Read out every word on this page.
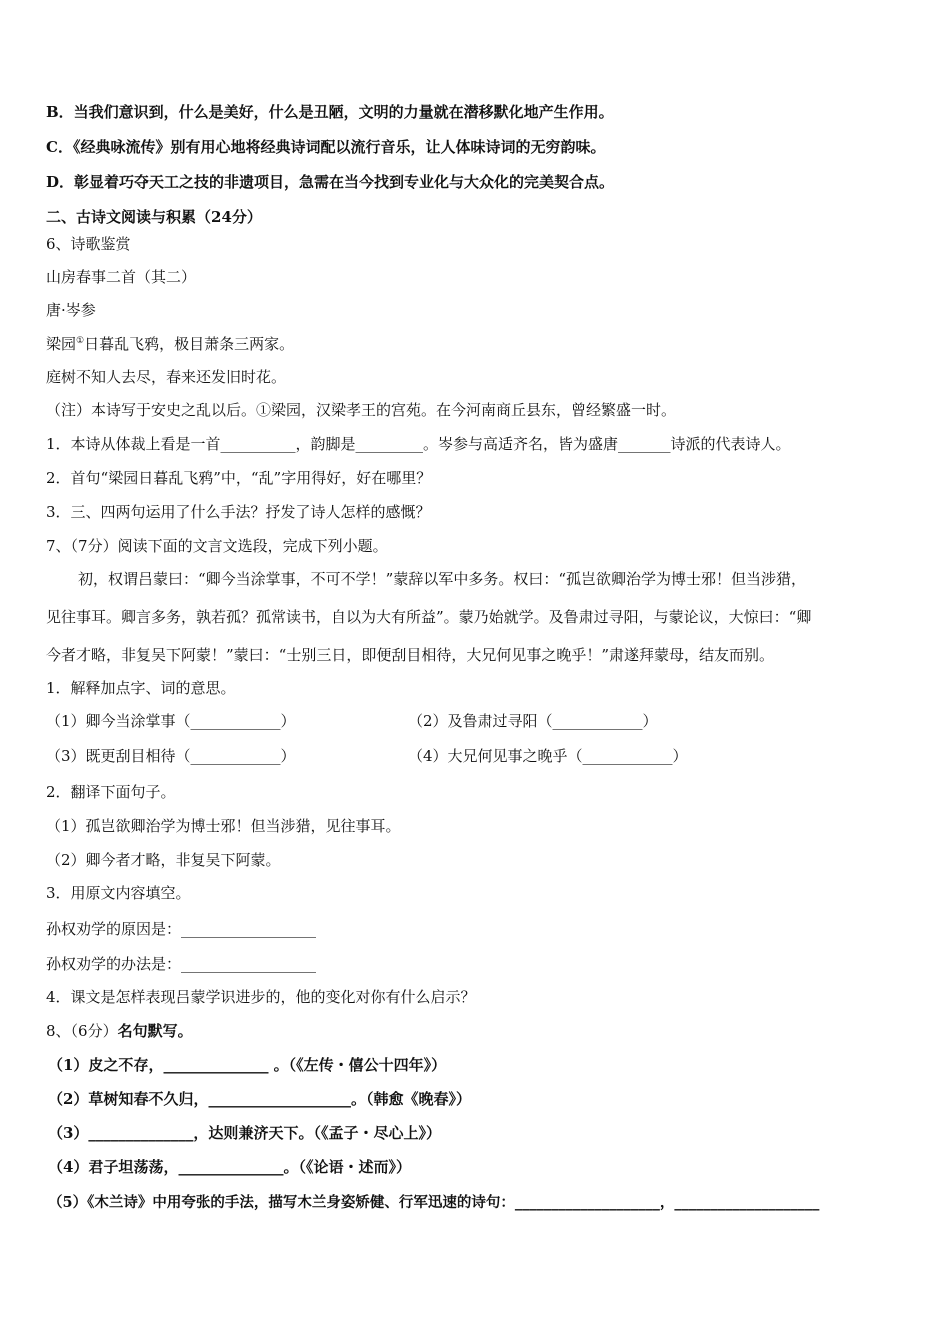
B．当我们意识到，什么是美好，什么是丑陋，文明的力量就在潜移默化地产生作用。
C．《经典咏流传》别有用心地将经典诗词配以流行音乐，让人体味诗词的无穷韵味。
D．彰显着巧夺天工之技的非遗项目，急需在当今找到专业化与大众化的完美契合点。
二、古诗文阅读与积累（24分）
6、诗歌鉴赏
山房春事二首（其二）
唐·岑参
梁园①日暮乱飞鸦，极目萧条三两家。
庭树不知人去尽，春来还发旧时花。
（注）本诗写于安史之乱以后。①梁园，汉梁孝王的宫苑。在今河南商丘县东，曾经繁盛一时。
1．本诗从体裁上看是一首__________，韵脚是_________。岑参与高适齐名，皆为盛唐_______诗派的代表诗人。
2．首句“梁园日暮乱飞鸦”中，“乱”字用得好，好在哪里？
3．三、四两句运用了什么手法？抒发了诗人怎样的感慨？
7、（7分）阅读下面的文言文选段，完成下列小题。
初，权谓吕蒙曰：“卿今当涂掌事，不可不学！”蒙辞以军中多务。权曰：“孤岂欲卿治学为博士邪！但当涉猎，
见往事耳。卿言多务，孰若孤？孤常读书，自以为大有所益”。蒙乃始就学。及鲁肃过寻阳，与蒙论议，大惊曰：“卿
今者才略，非复吴下阿蒙！”蒙曰：“士别三日，即便刮目相待，大兄何见事之晚乎！”肃遂拜蒙母，结友而别。
1．解释加点字、词的意思。
（1）卿今当涂掌事（____________）	（2）及鲁肃过寻阳（____________）
（3）既更刮目相待（____________）	（4）大兄何见事之晚乎（____________）
2．翻译下面句子。
（1）孤岂欲卿治学为博士邪！但当涉猎，见往事耳。
（2）卿今者才略，非复吴下阿蒙。
3．用原文内容填空。
孙权劝学的原因是：__________________
孙权劝学的办法是：__________________
4．课文是怎样表现吕蒙学识进步的，他的变化对你有什么启示？
8、（6分）名句默写。
（1）皮之不存，______________ 。（《左传・僖公十四年》）
（2）草树知春不久归，___________________。（韩愈《晚春》）
（3）______________，达则兼济天下。（《孟子・尽心上》）
（4）君子坦荡荡，______________。（《论语・述而》）
（5）《木兰诗》中用夸张的手法，描写木兰身姿矫健、行军迅速的诗句：____________________，____________________
